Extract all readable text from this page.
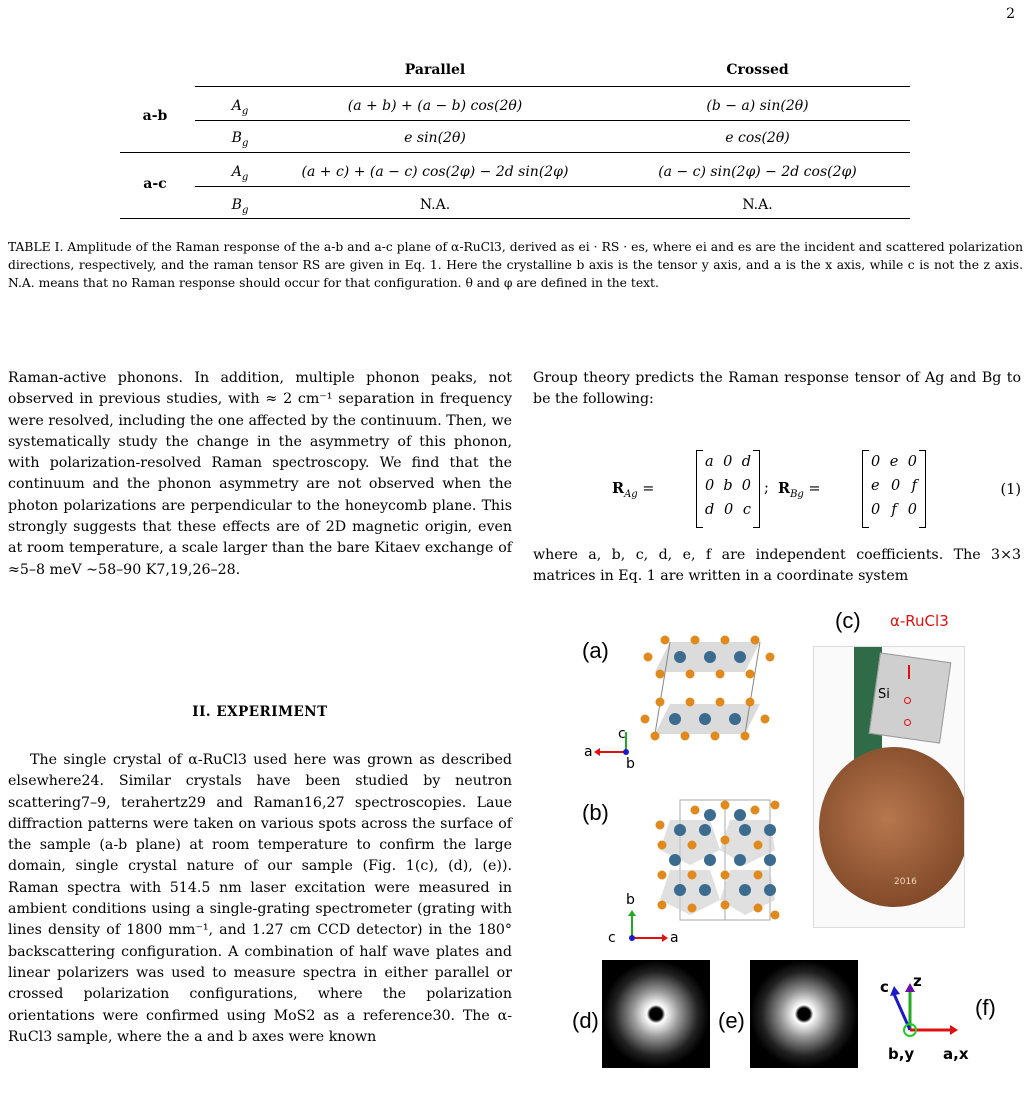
2
Parallel	Crossed
a-b
$A_g$	(a + b) + (a − b) cos(2θ)	(b − a) sin(2θ)
$B_g$	e sin(2θ)	e cos(2θ)
a-c
$A_g$	(a + c) + (a − c) cos(2φ) − 2d sin(2φ)	(a − c) sin(2φ) − 2d cos(2φ)
$B_g$	N.A.	N.A.
TABLE I. Amplitude of the Raman response of the a-b and a-c plane of α-RuCl3, derived as ei · RS · es, where ei and es are the incident and scattered polarization directions, respectively, and the raman tensor RS are given in Eq. 1. Here the crystalline b axis is the tensor y axis, and a is the x axis, while c is not the z axis. N.A. means that no Raman response should occur for that configuration. θ and φ are defined in the text.
Raman-active phonons. In addition, multiple phonon peaks, not observed in previous studies, with ≈ 2 cm⁻¹ separation in frequency were resolved, including the one affected by the continuum. Then, we systematically study the change in the asymmetry of this phonon, with polarization-resolved Raman spectroscopy. We find that the continuum and the phonon asymmetry are not observed when the photon polarizations are perpendicular to the honeycomb plane. This strongly suggests that these effects are of 2D magnetic origin, even at room temperature, a scale larger than the bare Kitaev exchange of ≈5–8 meV ∼58–90 K7,19,26–28.
II. EXPERIMENT
The single crystal of α-RuCl3 used here was grown as described elsewhere24. Similar crystals have been studied by neutron scattering7–9, terahertz29 and Raman16,27 spectroscopies. Laue diffraction patterns were taken on various spots across the surface of the sample (a-b plane) at room temperature to confirm the large domain, single crystal nature of our sample (Fig. 1(c), (d), (e)). Raman spectra with 514.5 nm laser excitation were measured in ambient conditions using a single-grating spectrometer (grating with lines density of 1800 mm⁻¹, and 1.27 cm CCD detector) in the 180° backscattering configuration. A combination of half wave plates and linear polarizers was used to measure spectra in either parallel or crossed polarization configurations, where the polarization orientations were confirmed using MoS2 as a reference30. The α-RuCl3 sample, where the a and b axes were known
Group theory predicts the Raman response tensor of Ag and Bg to be the following:
$R_{Ag}$ =
a 0 d
0 b 0
d 0 c
; $R_{Bg}$ =
0 e 0
e 0 f
0 f 0
(1)
where a, b, c, d, e, f are independent coefficients. The 3×3 matrices in Eq. 1 are written in a coordinate system
(a)
c
a
b
(b)
b
c	a
(c) α-RuCl3
Si
2016
(d)	(e)
c z
b,y a,x
(f)
